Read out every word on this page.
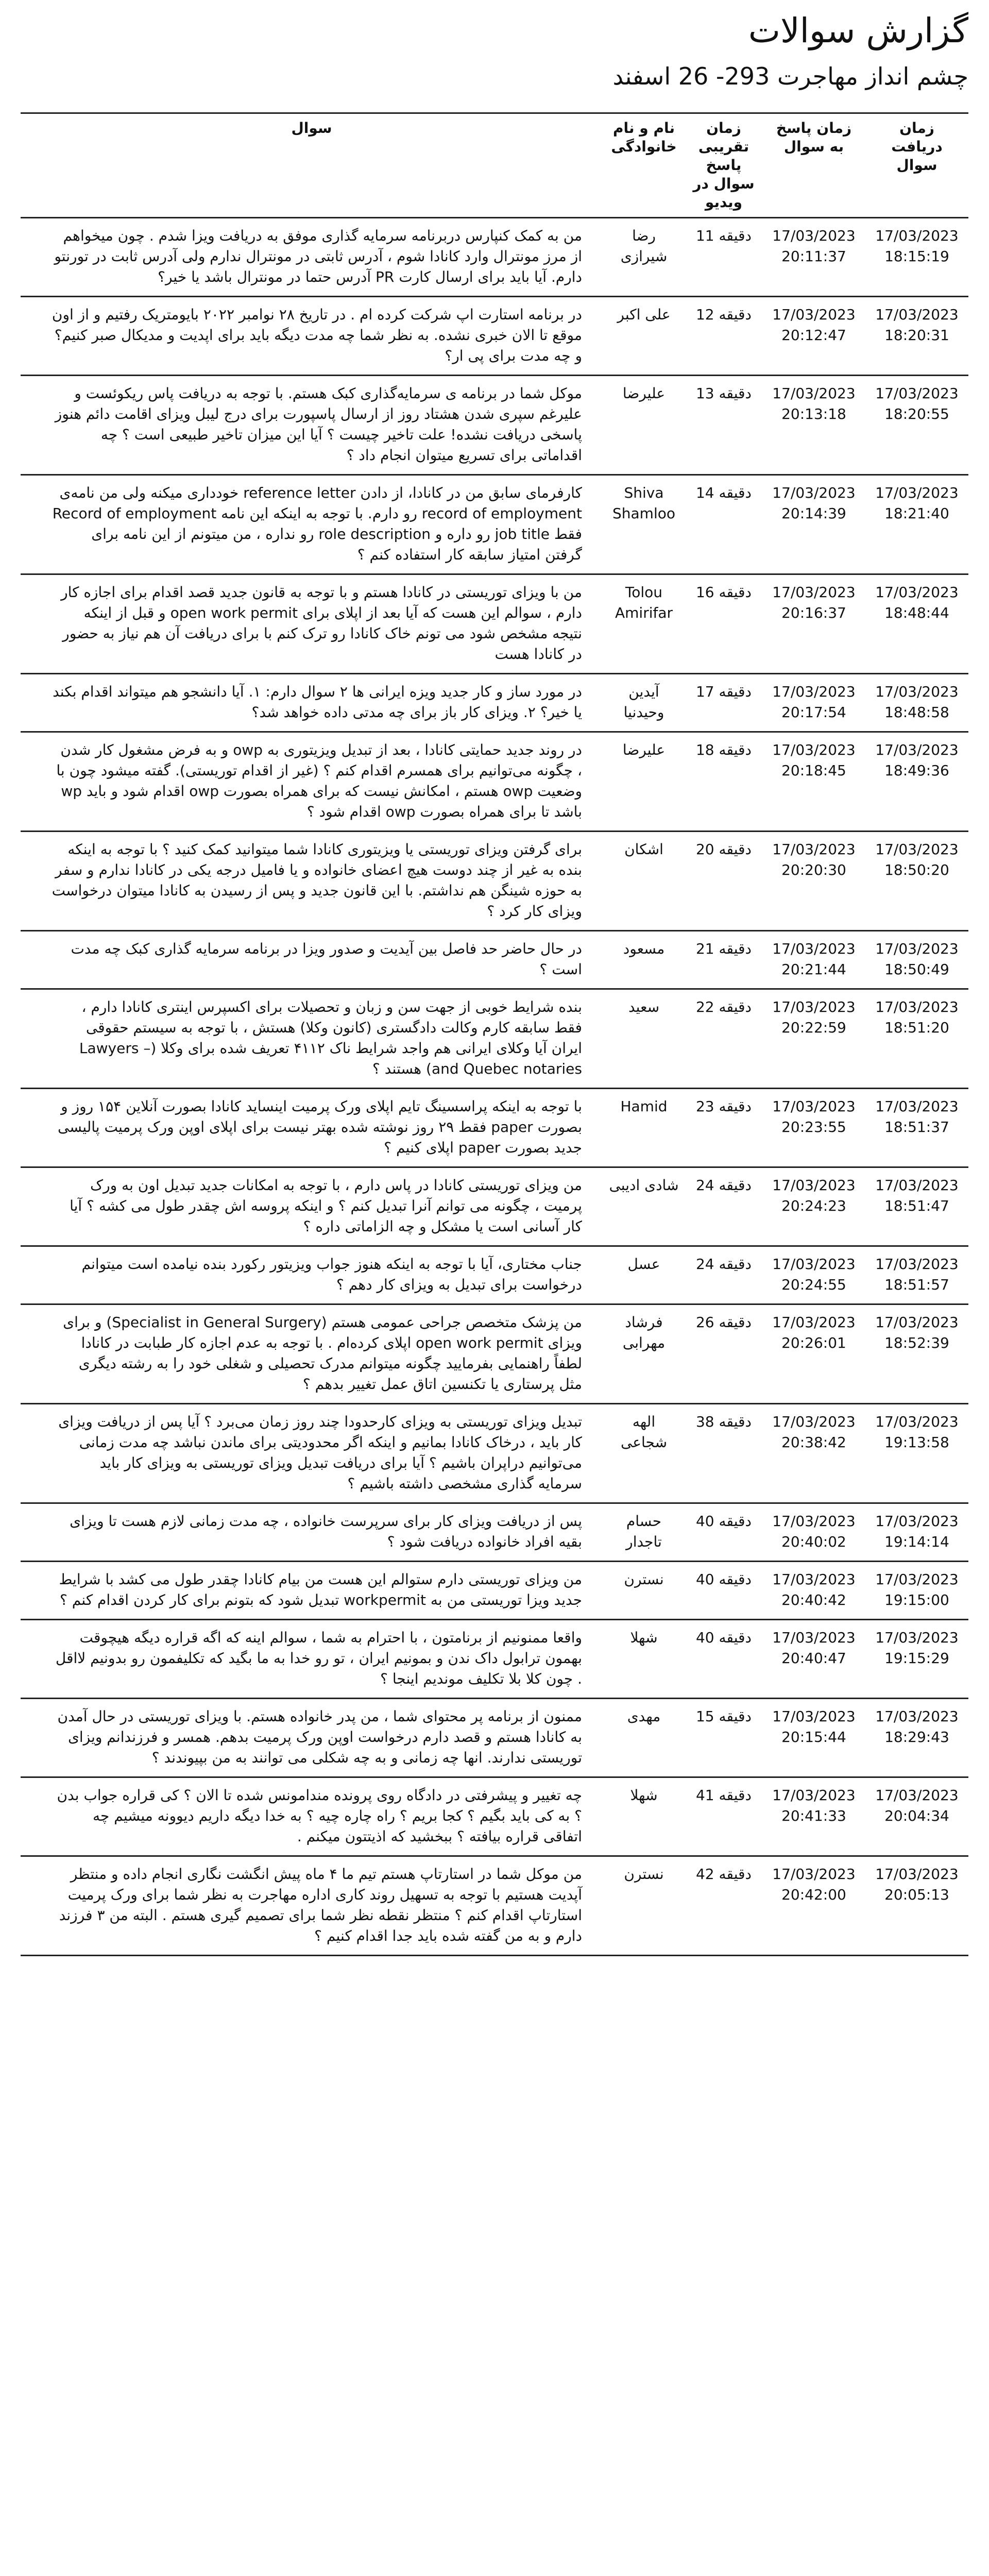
گزارش سوالات
چشم انداز مهاجرت 293- 26 اسفند
زمان دریافت سوال	زمان پاسخ به سوال	زمان تقریبی پاسخ سوال در ویدیو	نام و نام خانوادگی	سوال
17/03/2023 18:15:19	17/03/2023 20:11:37	دقیقه 11	رضا شیرازی	من به کمک کنپارس دربرنامه سرمایه گذاری موفق به دریافت ویزا شدم . چون میخواهم از مرز مونترال وارد کانادا شوم ، آدرس ثابتی در مونترال ندارم ولی آدرس ثابت در تورنتو دارم. آیا باید برای ارسال کارت PR آدرس حتما در مونترال باشد یا خیر؟
17/03/2023 18:20:31	17/03/2023 20:12:47	دقیقه 12	علی اکبر	در برنامه استارت اپ شرکت کرده ام . در تاریخ ۲۸ نوامبر ۲۰۲۲ بایومتریک رفتیم و از اون موقع تا الان خبری نشده. به نظر شما چه مدت دیگه باید برای اپدیت و مدیکال صبر کنیم؟ و چه مدت برای پی ار؟
17/03/2023 18:20:55	17/03/2023 20:13:18	دقیقه 13	علیرضا	موکل شما در برنامه ی سرمایه‌گذاری کبک هستم. با توجه به دریافت پاس ریکوئست و علیرغم سپری شدن هشتاد روز از ارسال پاسپورت برای درج لیبل ویزای اقامت دائم هنوز پاسخی دریافت نشده! علت تاخیر چیست ؟ آیا این میزان تاخیر طبیعی است ؟ چه اقداماتی برای تسریع میتوان انجام داد ؟
17/03/2023 18:21:40	17/03/2023 20:14:39	دقیقه 14	Shiva Shamloo	کارفرمای سابق من در کانادا، از دادن reference letter خودداری میکنه ولی من نامه‌ی record of employment رو دارم. با توجه به اینکه این نامه Record of employment فقط job title رو داره و role description رو نداره ، من میتونم از این نامه برای گرفتن امتیاز سابقه کار استفاده کنم ؟
17/03/2023 18:48:44	17/03/2023 20:16:37	دقیقه 16	Tolou Amirifar	من با ویزای توریستی در کانادا هستم و با توجه به قانون جدید قصد اقدام برای اجازه کار دارم ، سوالم این هست که آیا بعد از اپلای برای open work permit و قبل از اینکه نتیجه مشخص شود می تونم خاک کانادا رو ترک کنم با برای دریافت آن هم نیاز به حضور در کانادا هست
17/03/2023 18:48:58	17/03/2023 20:17:54	دقیقه 17	آیدین وحیدنیا	در مورد ساز و کار جدید ویزه ایرانی ها ۲ سوال دارم: ۱. آیا دانشجو هم میتواند اقدام بکند یا خیر؟ ۲. ویزای کار باز برای چه مدتی داده خواهد شد؟
17/03/2023 18:49:36	17/03/2023 20:18:45	دقیقه 18	علیرضا	در روند جدید حمایتی کانادا ، بعد از تبدیل ویزیتوری به owp و به فرض مشغول کار شدن ، چگونه می‌توانیم برای همسرم اقدام کنم ؟ (غیر از اقدام توریستی). گفته میشود چون با وضعیت owp هستم ، امکانش نیست که برای همراه بصورت owp اقدام شود و باید wp باشد تا برای همراه بصورت owp اقدام شود ؟
17/03/2023 18:50:20	17/03/2023 20:20:30	دقیقه 20	اشکان	برای گرفتن ویزای توریستی یا ویزیتوری کانادا شما میتوانید کمک کنید ؟ با توجه به اینکه بنده به غیر از چند دوست هیچ اعضای خانواده و یا فامیل درجه یکی در کانادا ندارم و سفر به حوزه شینگن هم نداشتم. با این قانون جدید و پس از رسیدن به کانادا میتوان درخواست ویزای کار کرد ؟
17/03/2023 18:50:49	17/03/2023 20:21:44	دقیقه 21	مسعود	در حال حاضر حد فاصل بین آیدیت و صدور ویزا در برنامه سرمایه گذاری کبک چه مدت است ؟
17/03/2023 18:51:20	17/03/2023 20:22:59	دقیقه 22	سعید	بنده شرایط خوبی از جهت سن و زبان و تحصیلات برای اکسپرس اینتری کانادا دارم ، فقط سابقه کارم وکالت دادگستری (کانون وکلا) هستش ، با توجه به سیستم حقوقی ایران آیا وکلای ایرانی هم واجد شرایط ناک ۴۱۱۲ تعریف شده برای وکلا (– Lawyers and Quebec notaries) هستند ؟
17/03/2023 18:51:37	17/03/2023 20:23:55	دقیقه 23	Hamid	با توجه به اینکه پراسسینگ تایم اپلای ورک پرمیت اینساید کانادا بصورت آنلاین ۱۵۴ روز و بصورت paper فقط ۲۹ روز نوشته شده بهتر نیست برای اپلای اوپن ورک پرمیت پالیسی جدید بصورت paper اپلای کنیم ؟
17/03/2023 18:51:47	17/03/2023 20:24:23	دقیقه 24	شادی ادیبی	من ویزای توریستی کانادا در پاس دارم ، با توجه به امکانات جدید تبدیل اون به ورک پرمیت ، چگونه می توانم آنرا تبدیل کنم ؟ و اینکه پروسه اش چقدر طول می کشه ؟ آیا کار آسانی است یا مشکل و چه الزاماتی داره ؟
17/03/2023 18:51:57	17/03/2023 20:24:55	دقیقه 24	عسل	جناب مختاری، آیا با توجه به اینکه هنوز جواب ویزیتور رکورد بنده نیامده است میتوانم درخواست برای تبدیل به ویزای کار دهم ؟
17/03/2023 18:52:39	17/03/2023 20:26:01	دقیقه 26	فرشاد مهرابی	من پزشک متخصص جراحی عمومی هستم (Specialist in General Surgery) و برای ویزای open work permit اپلای کرده‌ام . با توجه به عدم اجازه کار طبابت در کانادا لطفاً راهنمایی بفرمایید چگونه میتوانم مدرک تحصیلی و شغلی خود را به رشته دیگری مثل پرستاری یا تکنسین اتاق عمل تغییر بدهم ؟
17/03/2023 19:13:58	17/03/2023 20:38:42	دقیقه 38	الهه شجاعی	تبدیل ویزای توریستی به ویزای کارحدودا چند روز زمان می‌برد ؟ آیا پس از دریافت ویزای کار باید ، درخاک کانادا بمانیم و اینکه اگر محدودیتی برای ماندن نباشد چه مدت زمانی می‌توانیم دراپران باشیم ؟ آیا برای دریافت تبدیل ویزای توریستی به ویزای کار باید سرمایه گذاری مشخصی داشته باشیم ؟
17/03/2023 19:14:14	17/03/2023 20:40:02	دقیقه 40	حسام تاجدار	پس از دریافت ویزای کار برای سرپرست خانواده ، چه مدت زمانی لازم هست تا ویزای بقیه افراد خانواده دریافت شود ؟
17/03/2023 19:15:00	17/03/2023 20:40:42	دقیقه 40	نسترن	من ویزای توریستی دارم ستوالم این هست من بیام کانادا چقدر طول می کشد با شرایط جدید ویزا توریستی من به workpermit تبدیل شود که بتونم برای کار کردن اقدام کنم ؟
17/03/2023 19:15:29	17/03/2023 20:40:47	دقیقه 40	شهلا	واقعا ممنونیم از برنامتون ، با احترام به شما ، سوالم اینه که اگه قراره دیگه هیچوقت بهمون ترابول داک ندن و بمونیم ایران ، تو رو خدا به ما بگید که تکلیفمون رو بدونیم لااقل . چون کلا بلا تکلیف موندیم اینجا ؟
17/03/2023 18:29:43	17/03/2023 20:15:44	دقیقه 15	مهدی	ممنون از برنامه پر محتوای شما ، من پدر خانواده هستم. با ویزای توریستی در حال آمدن به کانادا هستم و قصد دارم درخواست اوپن ورک پرمیت بدهم. همسر و فرزندانم ویزای توریستی ندارند. انها چه زمانی و به چه شکلی می توانند به من بپیوندند ؟
17/03/2023 20:04:34	17/03/2023 20:41:33	دقیقه 41	شهلا	چه تغییر و پیشرفتی در دادگاه روی پرونده مندامونس شده تا الان ؟ کی قراره جواب بدن ؟ به کی باید بگیم ؟ کجا بریم ؟ راه چاره چیه ؟ به خدا دیگه داریم دیوونه میشیم چه اتفاقی قراره بیافته ؟ ببخشید که اذیتتون میکنم .
17/03/2023 20:05:13	17/03/2023 20:42:00	دقیقه 42	نسترن	من موکل شما در استارتاپ هستم تیم ما ۴ ماه پیش انگشت نگاری انجام داده و منتظر آپدیت هستیم با توجه به تسهیل روند کاری اداره مهاجرت به نظر شما برای ورک پرمیت استارتاپ اقدام کنم ؟ منتظر نقطه نظر شما برای تصمیم گیری هستم . البته من ۳ فرزند دارم و به من گفته شده باید جدا اقدام کنیم ؟
